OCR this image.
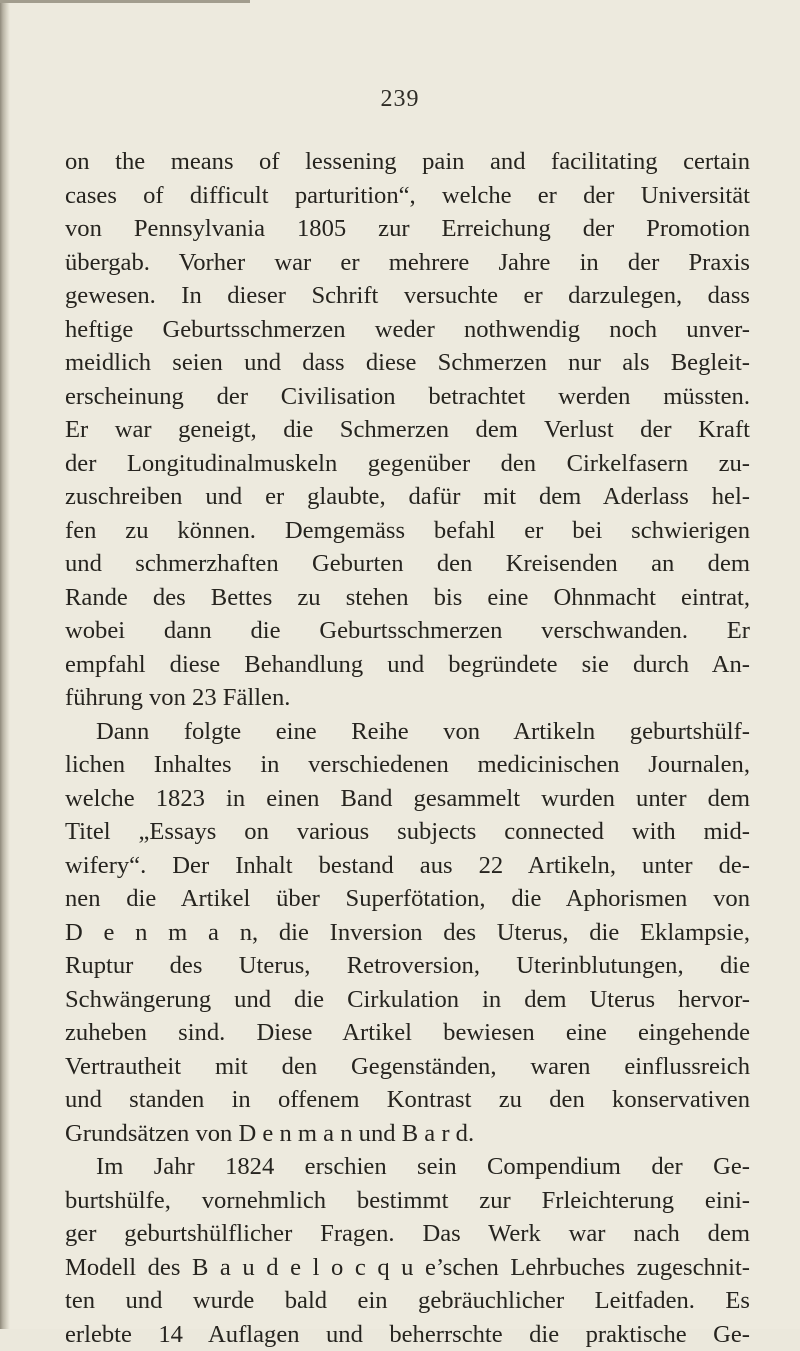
239
on the means of lessening pain and facilitating certain
cases of difficult parturition“, welche er der Universität
von Pennsylvania 1805 zur Erreichung der Promotion
übergab. Vorher war er mehrere Jahre in der Praxis
gewesen. In dieser Schrift versuchte er darzulegen, dass
heftige Geburtsschmerzen weder nothwendig noch unver-
meidlich seien und dass diese Schmerzen nur als Begleit-
erscheinung der Civilisation betrachtet werden müssten.
Er war geneigt, die Schmerzen dem Verlust der Kraft
der Longitudinalmuskeln gegenüber den Cirkelfasern zu-
zuschreiben und er glaubte, dafür mit dem Aderlass hel-
fen zu können. Demgemäss befahl er bei schwierigen
und schmerzhaften Geburten den Kreisenden an dem
Rande des Bettes zu stehen bis eine Ohnmacht eintrat,
wobei dann die Geburtsschmerzen verschwanden. Er
empfahl diese Behandlung und begründete sie durch An-
führung von 23 Fällen.
Dann folgte eine Reihe von Artikeln geburtshülf-
lichen Inhaltes in verschiedenen medicinischen Journalen,
welche 1823 in einen Band gesammelt wurden unter dem
Titel „Essays on various subjects connected with mid-
wifery“. Der Inhalt bestand aus 22 Artikeln, unter de-
nen die Artikel über Superfötation, die Aphorismen von
D e n m a n, die Inversion des Uterus, die Eklampsie,
Ruptur des Uterus, Retroversion, Uterinblutungen, die
Schwängerung und die Cirkulation in dem Uterus hervor-
zuheben sind. Diese Artikel bewiesen eine eingehende
Vertrautheit mit den Gegenständen, waren einflussreich
und standen in offenem Kontrast zu den konservativen
Grundsätzen von D e n m a n und B a r d.
Im Jahr 1824 erschien sein Compendium der Ge-
burtshülfe, vornehmlich bestimmt zur Frleichterung eini-
ger geburtshülflicher Fragen. Das Werk war nach dem
Modell des B a u d e l o c q u e’schen Lehrbuches zugeschnit-
ten und wurde bald ein gebräuchlicher Leitfaden. Es
erlebte 14 Auflagen und beherrschte die praktische Ge-
